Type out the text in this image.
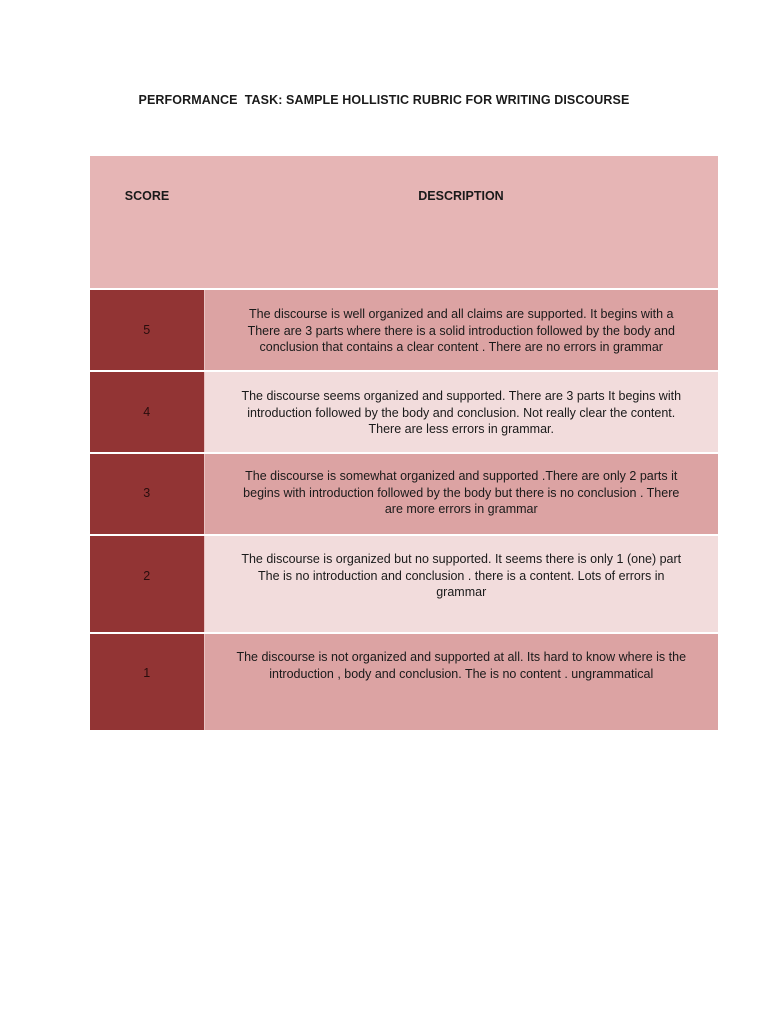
PERFORMANCE  TASK: SAMPLE HOLLISTIC RUBRIC FOR WRITING DISCOURSE
SCORE	DESCRIPTION

5	The discourse is well organized and all claims are supported. It begins with a
There are 3 parts where there is a solid introduction followed by the body and
conclusion that contains a clear content . There are no errors in grammar

4	The discourse seems organized and supported. There are 3 parts It begins with
introduction followed by the body and conclusion. Not really clear the content.
There are less errors in grammar.

3	The discourse is somewhat organized and supported .There are only 2 parts it
begins with introduction followed by the body but there is no conclusion . There
are more errors in grammar

2	The discourse is organized but no supported. It seems there is only 1 (one) part
The is no introduction and conclusion . there is a content. Lots of errors in
grammar

1	The discourse is not organized and supported at all. Its hard to know where is the
introduction , body and conclusion. The is no content . ungrammatical
